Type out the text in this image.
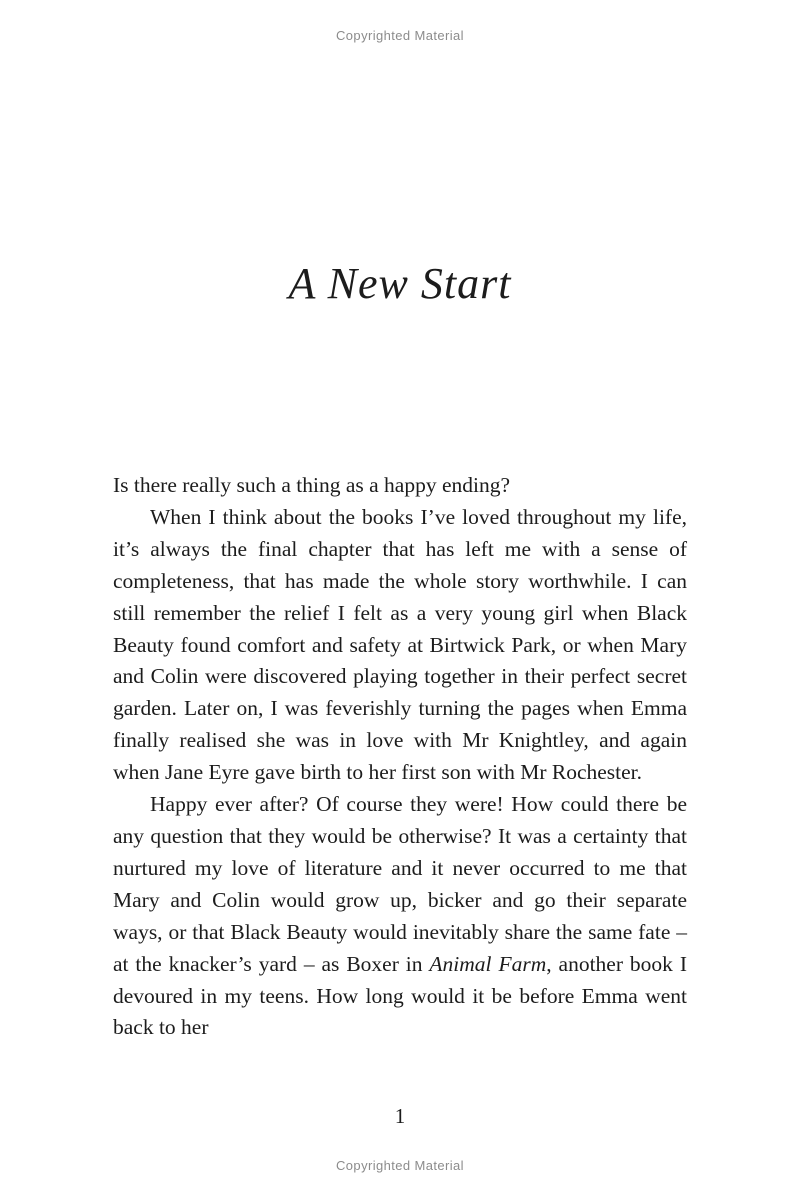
Copyrighted Material
A New Start

Is there really such a thing as a happy ending?

When I think about the books I’ve loved throughout my life, it’s always the final chapter that has left me with a sense of completeness, that has made the whole story worthwhile. I can still remember the relief I felt as a very young girl when Black Beauty found comfort and safety at Birtwick Park, or when Mary and Colin were discovered playing together in their perfect secret garden. Later on, I was feverishly turning the pages when Emma finally realised she was in love with Mr Knightley, and again when Jane Eyre gave birth to her first son with Mr Rochester.

Happy ever after? Of course they were! How could there be any question that they would be otherwise? It was a certainty that nurtured my love of literature and it never occurred to me that Mary and Colin would grow up, bicker and go their separate ways, or that Black Beauty would inevitably share the same fate – at the knacker’s yard – as Boxer in Animal Farm, another book I devoured in my teens. How long would it be before Emma went back to her

1
Copyrighted Material
